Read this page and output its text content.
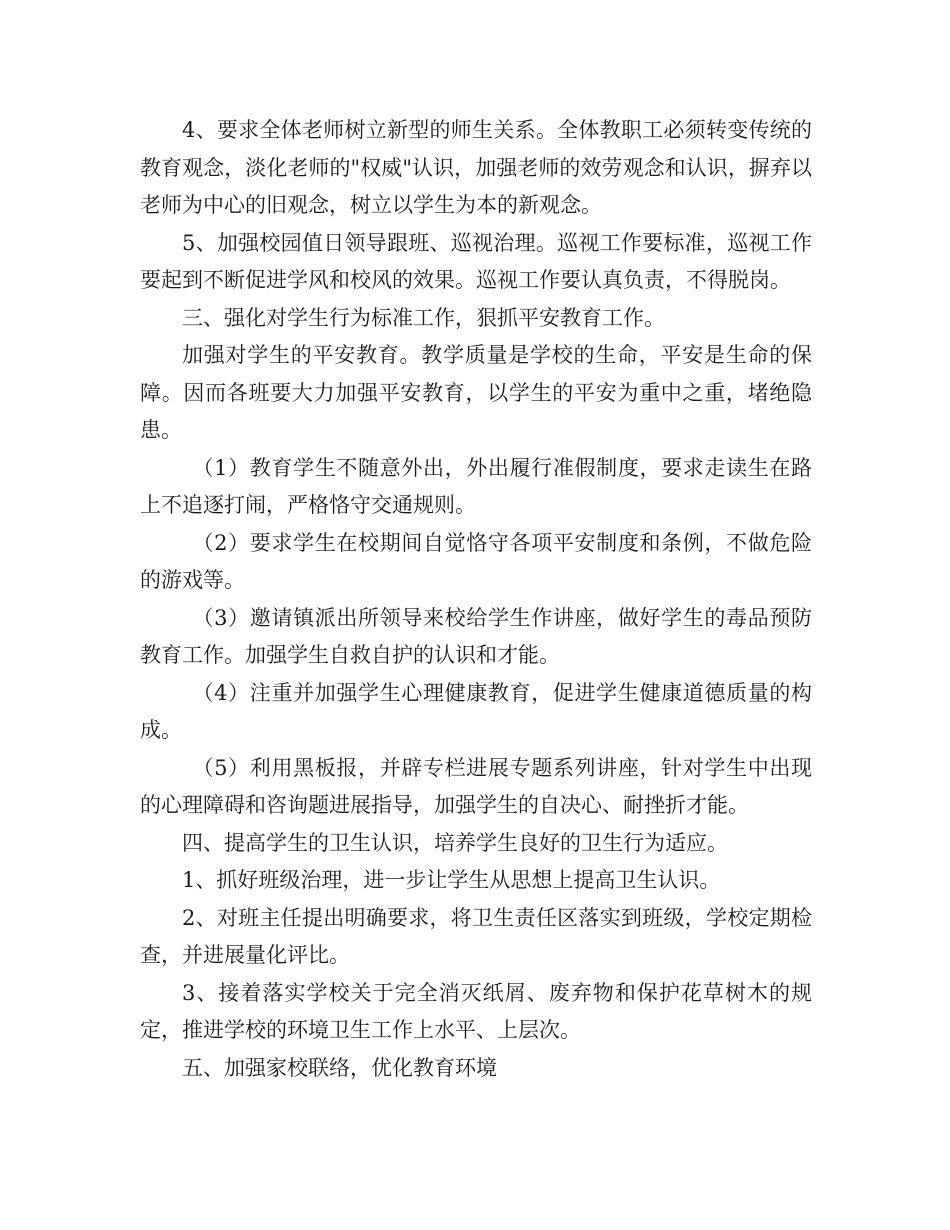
4、要求全体老师树立新型的师生关系。全体教职工必须转变传统的教育观念，淡化老师的"权威"认识，加强老师的效劳观念和认识，摒弃以老师为中心的旧观念，树立以学生为本的新观念。

5、加强校园值日领导跟班、巡视治理。巡视工作要标准，巡视工作要起到不断促进学风和校风的效果。巡视工作要认真负责，不得脱岗。

三、强化对学生行为标准工作，狠抓平安教育工作。

加强对学生的平安教育。教学质量是学校的生命，平安是生命的保障。因而各班要大力加强平安教育，以学生的平安为重中之重，堵绝隐患。

（1）教育学生不随意外出，外出履行准假制度，要求走读生在路上不追逐打闹，严格恪守交通规则。

（2）要求学生在校期间自觉恪守各项平安制度和条例，不做危险的游戏等。

（3）邀请镇派出所领导来校给学生作讲座，做好学生的毒品预防教育工作。加强学生自救自护的认识和才能。

（4）注重并加强学生心理健康教育，促进学生健康道德质量的构成。

（5）利用黑板报，并辟专栏进展专题系列讲座，针对学生中出现的心理障碍和咨询题进展指导，加强学生的自决心、耐挫折才能。

四、提高学生的卫生认识，培养学生良好的卫生行为适应。

1、抓好班级治理，进一步让学生从思想上提高卫生认识。

2、对班主任提出明确要求，将卫生责任区落实到班级，学校定期检查，并进展量化评比。

3、接着落实学校关于完全消灭纸屑、废弃物和保护花草树木的规定，推进学校的环境卫生工作上水平、上层次。

五、加强家校联络，优化教育环境
